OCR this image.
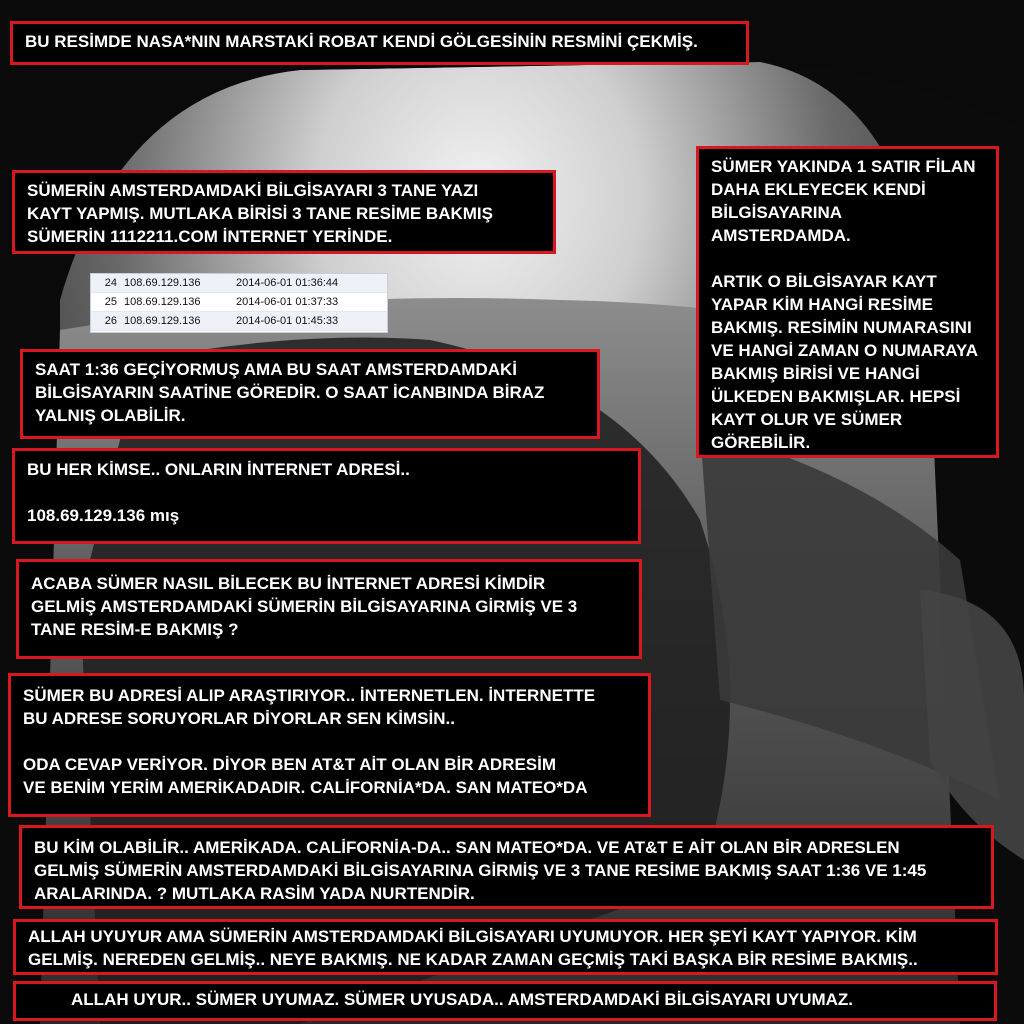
BU RESİMDE NASA*NIN MARSTAKİ ROBAT KENDİ GÖLGESİNİN RESMİNİ ÇEKMİŞ.

SÜMERİN AMSTERDAMDAKİ BİLGİSAYARI 3 TANE YAZI

KAYT YAPMIŞ. MUTLAKA BİRİSİ 3 TANE RESİME BAKMIŞ

SÜMERİN 1112211.COM İNTERNET YERİNDE.

24 108.69.129.136	2014-06-01 01:36:44
25 108.69.129.136	2014-06-01 01:37:33
26 108.69.129.136	2014-06-01 01:45:33

SÜMER YAKINDA 1 SATIR FİLAN

DAHA EKLEYECEK KENDİ

BİLGİSAYARINA

AMSTERDAMDA.

ARTIK O BİLGİSAYAR KAYT

YAPAR KİM HANGİ RESİME

BAKMIŞ. RESİMİN NUMARASINI

VE HANGİ ZAMAN O NUMARAYA

BAKMIŞ BİRİSİ VE HANGİ

ÜLKEDEN BAKMIŞLAR. HEPSİ

KAYT OLUR VE SÜMER

GÖREBİLİR.

SAAT 1:36 GEÇİYORMUŞ AMA BU SAAT AMSTERDAMDAKİ

BİLGİSAYARIN SAATİNE GÖREDİR. O SAAT İCANBINDA BİRAZ

YALNIŞ OLABİLİR.

BU HER KİMSE.. ONLARIN İNTERNET ADRESİ..

108.69.129.136 mış

ACABA SÜMER NASIL BİLECEK BU İNTERNET ADRESİ KİMDİR

GELMİŞ AMSTERDAMDAKİ SÜMERİN BİLGİSAYARINA GİRMİŞ VE 3

TANE RESİM-E BAKMIŞ ?

SÜMER BU ADRESİ ALIP ARAŞTIRIYOR.. İNTERNETLEN. İNTERNETTE

BU ADRESE SORUYORLAR DİYORLAR SEN KİMSİN..

ODA CEVAP VERİYOR. DİYOR BEN AT&T AİT OLAN BİR ADRESİM

VE BENİM YERİM AMERİKADADIR. CALİFORNİA*DA. SAN MATEO*DA

BU KİM OLABİLİR.. AMERİKADA. CALİFORNİA-DA.. SAN MATEO*DA. VE AT&T E AİT OLAN BİR ADRESLEN

GELMİŞ SÜMERİN AMSTERDAMDAKİ BİLGİSAYARINA GİRMİŞ VE 3 TANE RESİME BAKMIŞ SAAT 1:36 VE 1:45

ARALARINDA. ? MUTLAKA RASİM YADA NURTENDİR.

ALLAH UYUYUR AMA SÜMERİN AMSTERDAMDAKİ BİLGİSAYARI UYUMUYOR. HER ŞEYİ KAYT YAPIYOR. KİM

GELMİŞ. NEREDEN GELMİŞ.. NEYE BAKMIŞ. NE KADAR ZAMAN GEÇMİŞ TAKİ BAŞKA BİR RESİME BAKMIŞ..

ALLAH UYUR.. SÜMER UYUMAZ. SÜMER UYUSADA.. AMSTERDAMDAKİ BİLGİSAYARI UYUMAZ.
